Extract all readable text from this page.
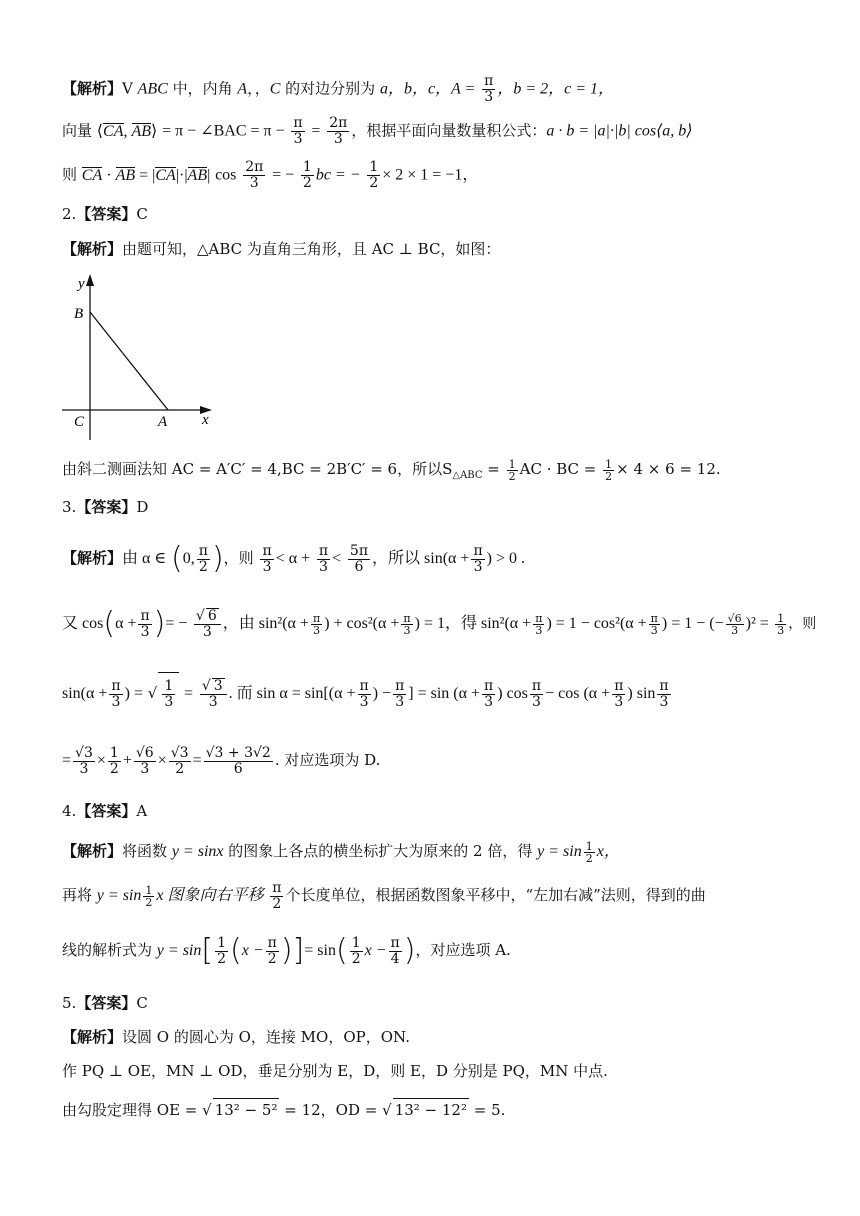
【解析】V ABC 中，内角 A，，C 的对边分别为 a，b，c，$A = \frac{\pi}{3}$ ，b = 2，c = 1，
向量 ⟨CA, AB⟩ = π − ∠BAC = $\pi - \frac{\pi}{3} = \frac{2\pi}{3}$ ，根据平面向量数量积公式：a · b = |a|·|b| cos⟨a, b⟩
则 CA · AB = |CA|·|AB| $\cos \frac{2\pi}{3}$ = − $\frac{1}{2}$ bc = − $\frac{1}{2} \times 2 \times 1 = -1$，
2.【答案】C
【解析】由题可知，△ABC 为直角三角形，且 AC ⊥ BC，如图：
y
x
B
C	A
由斜二测画法知 AC = A′C′ = 4,BC = 2B′C′ = 6，所以$S_{\triangle ABC} = \frac{1}{2}$ AC · BC = $\frac{1}{2} \times 4 \times 6 = 12$.
3.【答案】D
【解析】由 α ∈ (0, $\frac{\pi}{2}$ )，则 $\frac{\pi}{3} < \alpha + \frac{\pi}{3} < \frac{5\pi}{6}$ ，所以 $\sin(\alpha + \frac{\pi}{3}$ ) > 0 .
又 $\cos(\alpha + \frac{\pi}{3}$ )= − $\frac{√ 6}{3}$ ，由 $\sin^2(\alpha + \frac{\pi}{3}$ ) + $\cos^2(\alpha + \frac{\pi}{3}$ ) = 1，得 $\sin^2(\alpha + \frac{\pi}{3}$ ) = $1 - \cos^2(\alpha + \frac{\pi}{3}$ ) = 1 − (− $\frac{√6}{3} )^2 = \frac{1}{3}$ ，则
$\sin(\alpha + \frac{\pi}{3}$ ) = √ $\frac{1}{3} = \frac{√ 3}{3}$ . 而 $\sin \alpha = \sin[(\alpha + \frac{\pi}{3}$ ) − $\frac{\pi}{3}$ ] = $\sin (\alpha + \frac{\pi}{3}$ ) $\cos \frac{\pi}{3} - \cos (\alpha + \frac{\pi}{3}$ ) $\sin \frac{\pi}{3}$
= $\frac{√3}{3} \times \frac{1}{2} + \frac{√6}{3} \times \frac{√3}{2} = \frac{√3 + 3√2}{6}$ . 对应选项为 D.
4.【答案】A
【解析】将函数 y = sinx 的图象上各点的横坐标扩大为原来的 2 倍，得 $y = \sin \frac{1}{2}$ x，
再将 $y = \sin \frac{1}{2}$ x 图象向右平移 $\frac{\pi}{2}$ 个长度单位，根据函数图象平移中，“左加右减”法则，得到的曲
线的解析式为 $y = \sin[ \frac{1}{2} (x - \frac{\pi}{2}$ )]= $\sin( \frac{1}{2}$ $x - \frac{\pi}{4}$ )，对应选项 A.
5.【答案】C
【解析】设圆 O 的圆心为 O，连接 MO，OP，ON.
作 PQ ⊥ OE，MN ⊥ OD，垂足分别为 E，D，则 E，D 分别是 PQ，MN 中点.
由勾股定理得 OE = √ 13² − 5² = 12，OD = √ 13² − 12² = 5.
